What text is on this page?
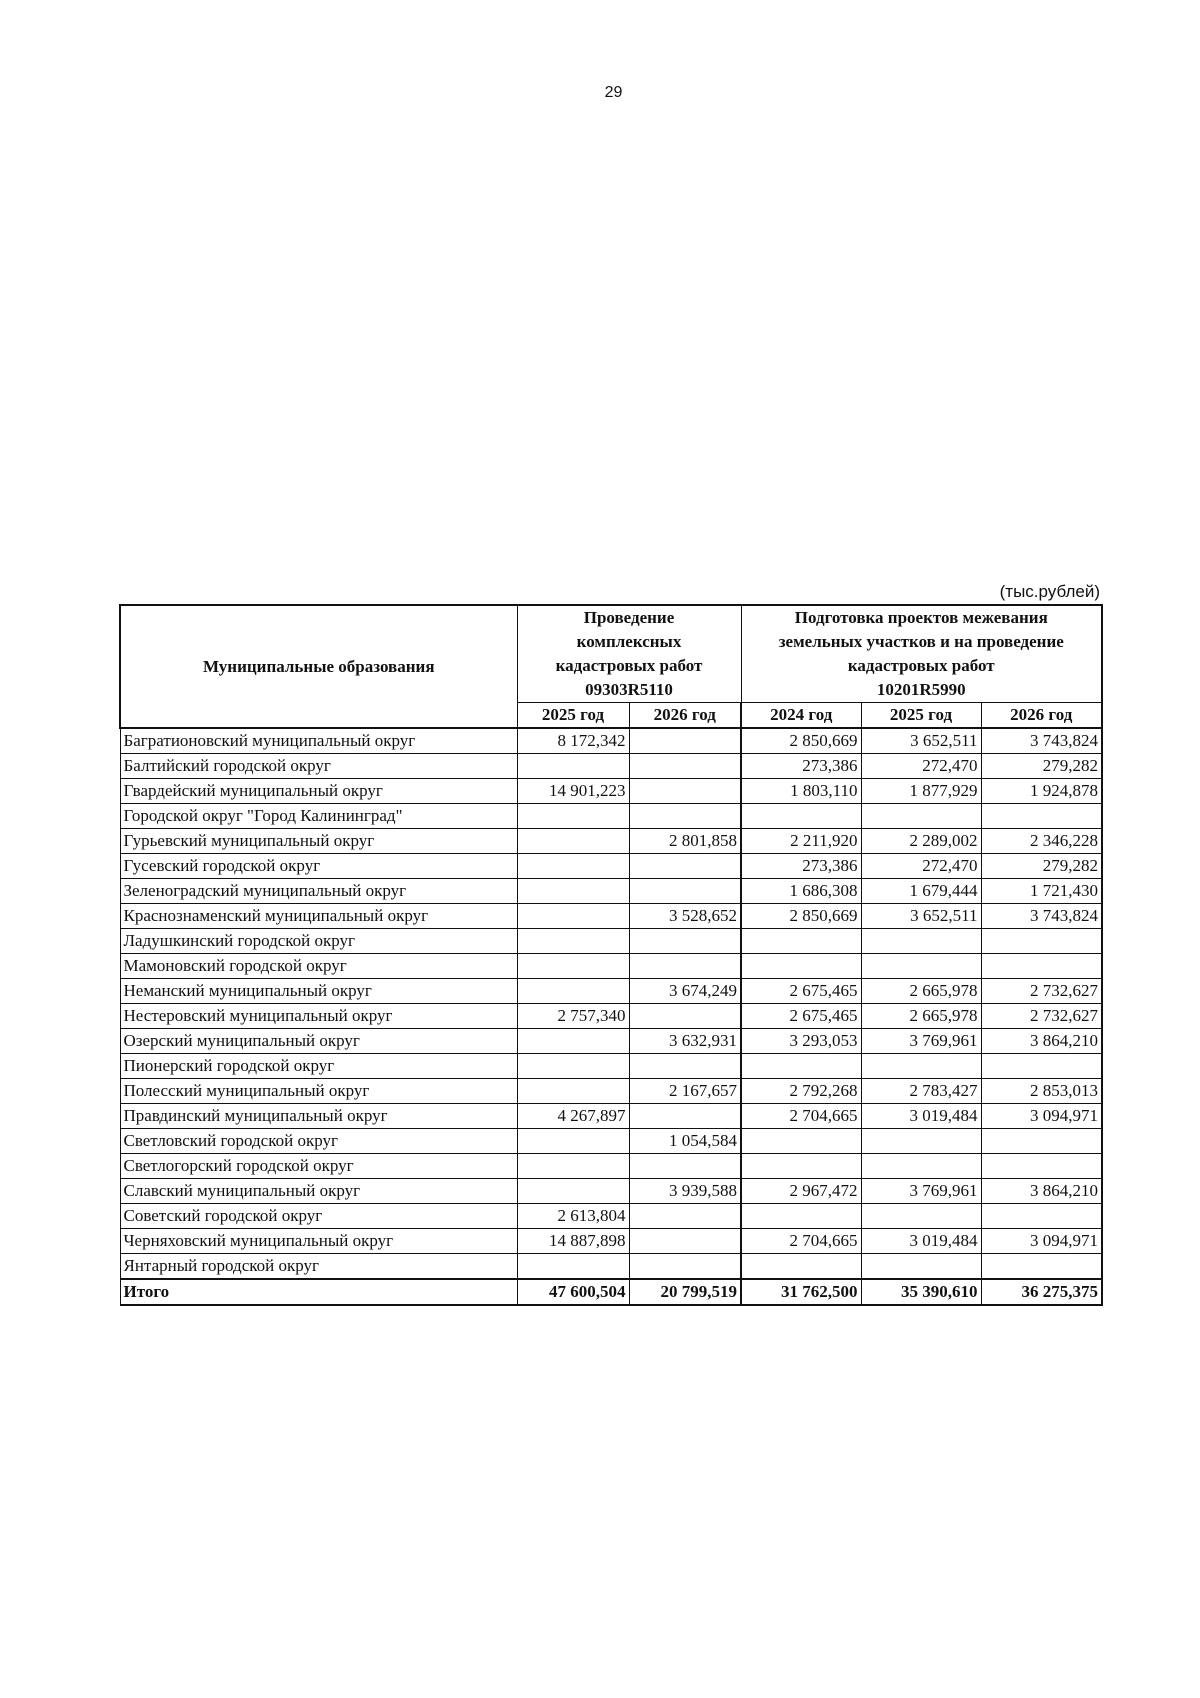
29
(тыс.рублей)
Муниципальные образования	Проведение
комплексных
кадастровых работ
09303R5110		Подготовка проектов межевания
земельных участков и на проведение
кадастровых работ
10201R5990		
	2025 год	2026 год	2024 год	2025 год	2026 год
Багратионовский муниципальный округ	8 172,342		2 850,669	3 652,511	3 743,824
Балтийский городской округ			273,386	272,470	279,282
Гвардейский муниципальный округ	14 901,223		1 803,110	1 877,929	1 924,878
Городской округ "Город Калининград"					
Гурьевский муниципальный округ		2 801,858	2 211,920	2 289,002	2 346,228
Гусевский городской округ			273,386	272,470	279,282
Зеленоградский муниципальный округ			1 686,308	1 679,444	1 721,430
Краснознаменский муниципальный округ		3 528,652	2 850,669	3 652,511	3 743,824
Ладушкинский городской округ					
Мамоновский городской округ					
Неманский муниципальный округ		3 674,249	2 675,465	2 665,978	2 732,627
Нестеровский муниципальный округ	2 757,340		2 675,465	2 665,978	2 732,627
Озерский муниципальный округ		3 632,931	3 293,053	3 769,961	3 864,210
Пионерский городской округ					
Полесский муниципальный округ		2 167,657	2 792,268	2 783,427	2 853,013
Правдинский муниципальный округ	4 267,897		2 704,665	3 019,484	3 094,971
Светловский городской округ		1 054,584			
Светлогорский городской округ					
Славский муниципальный округ		3 939,588	2 967,472	3 769,961	3 864,210
Советский городской округ	2 613,804				
Черняховский муниципальный округ	14 887,898		2 704,665	3 019,484	3 094,971
Янтарный городской округ					
Итого	47 600,504	20 799,519	31 762,500	35 390,610	36 275,375
